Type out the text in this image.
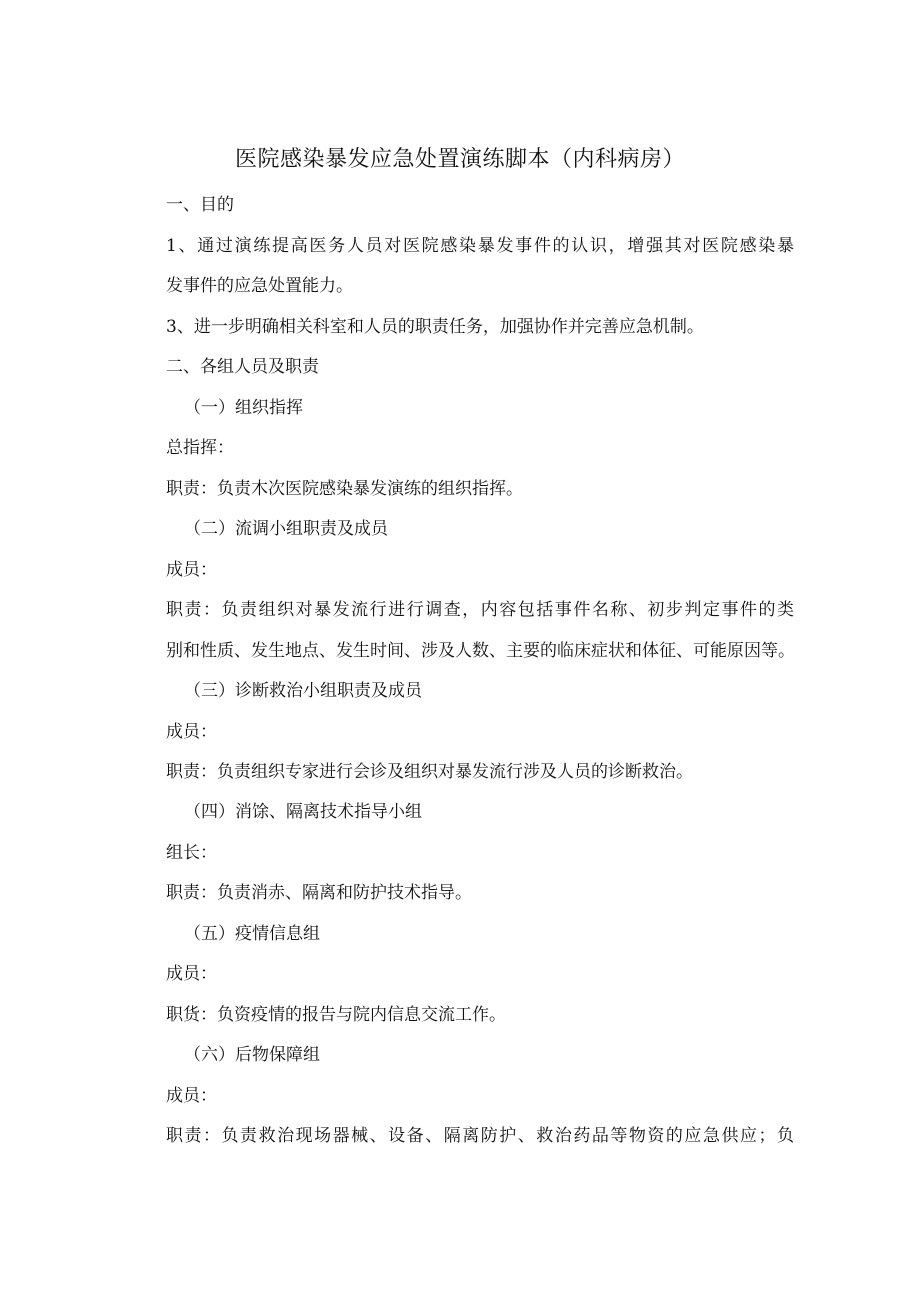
医院感染暴发应急处置演练脚本（内科病房）
一、目的
1、通过演练提高医务人员对医院感染暴发事件的认识，增强其对医院感染暴
发事件的应急处置能力。
3、进一步明确相关科室和人员的职责任务，加强协作并完善应急机制。
二、各组人员及职责
（一）组织指挥
总指挥：
职责：负责木次医院感染暴发演练的组织指挥。
（二）流调小组职责及成员
成员：
职责：负责组织对暴发流行进行调查，内容包括事件名称、初步判定事件的类
别和性质、发生地点、发生时间、涉及人数、主要的临床症状和体征、可能原因等。
（三）诊断救治小组职责及成员
成员：
职责：负责组织专家进行会诊及组织对暴发流行涉及人员的诊断救治。
（四）消馀、隔离技术指导小组
组长：
职责：负责消赤、隔离和防护技术指导。
（五）疫情信息组
成员：
职货：负资疫情的报告与院内信息交流工作。
（六）后物保障组
成员：
职责：负责救治现场器械、设备、隔离防护、救治药品等物资的应急供应；负
